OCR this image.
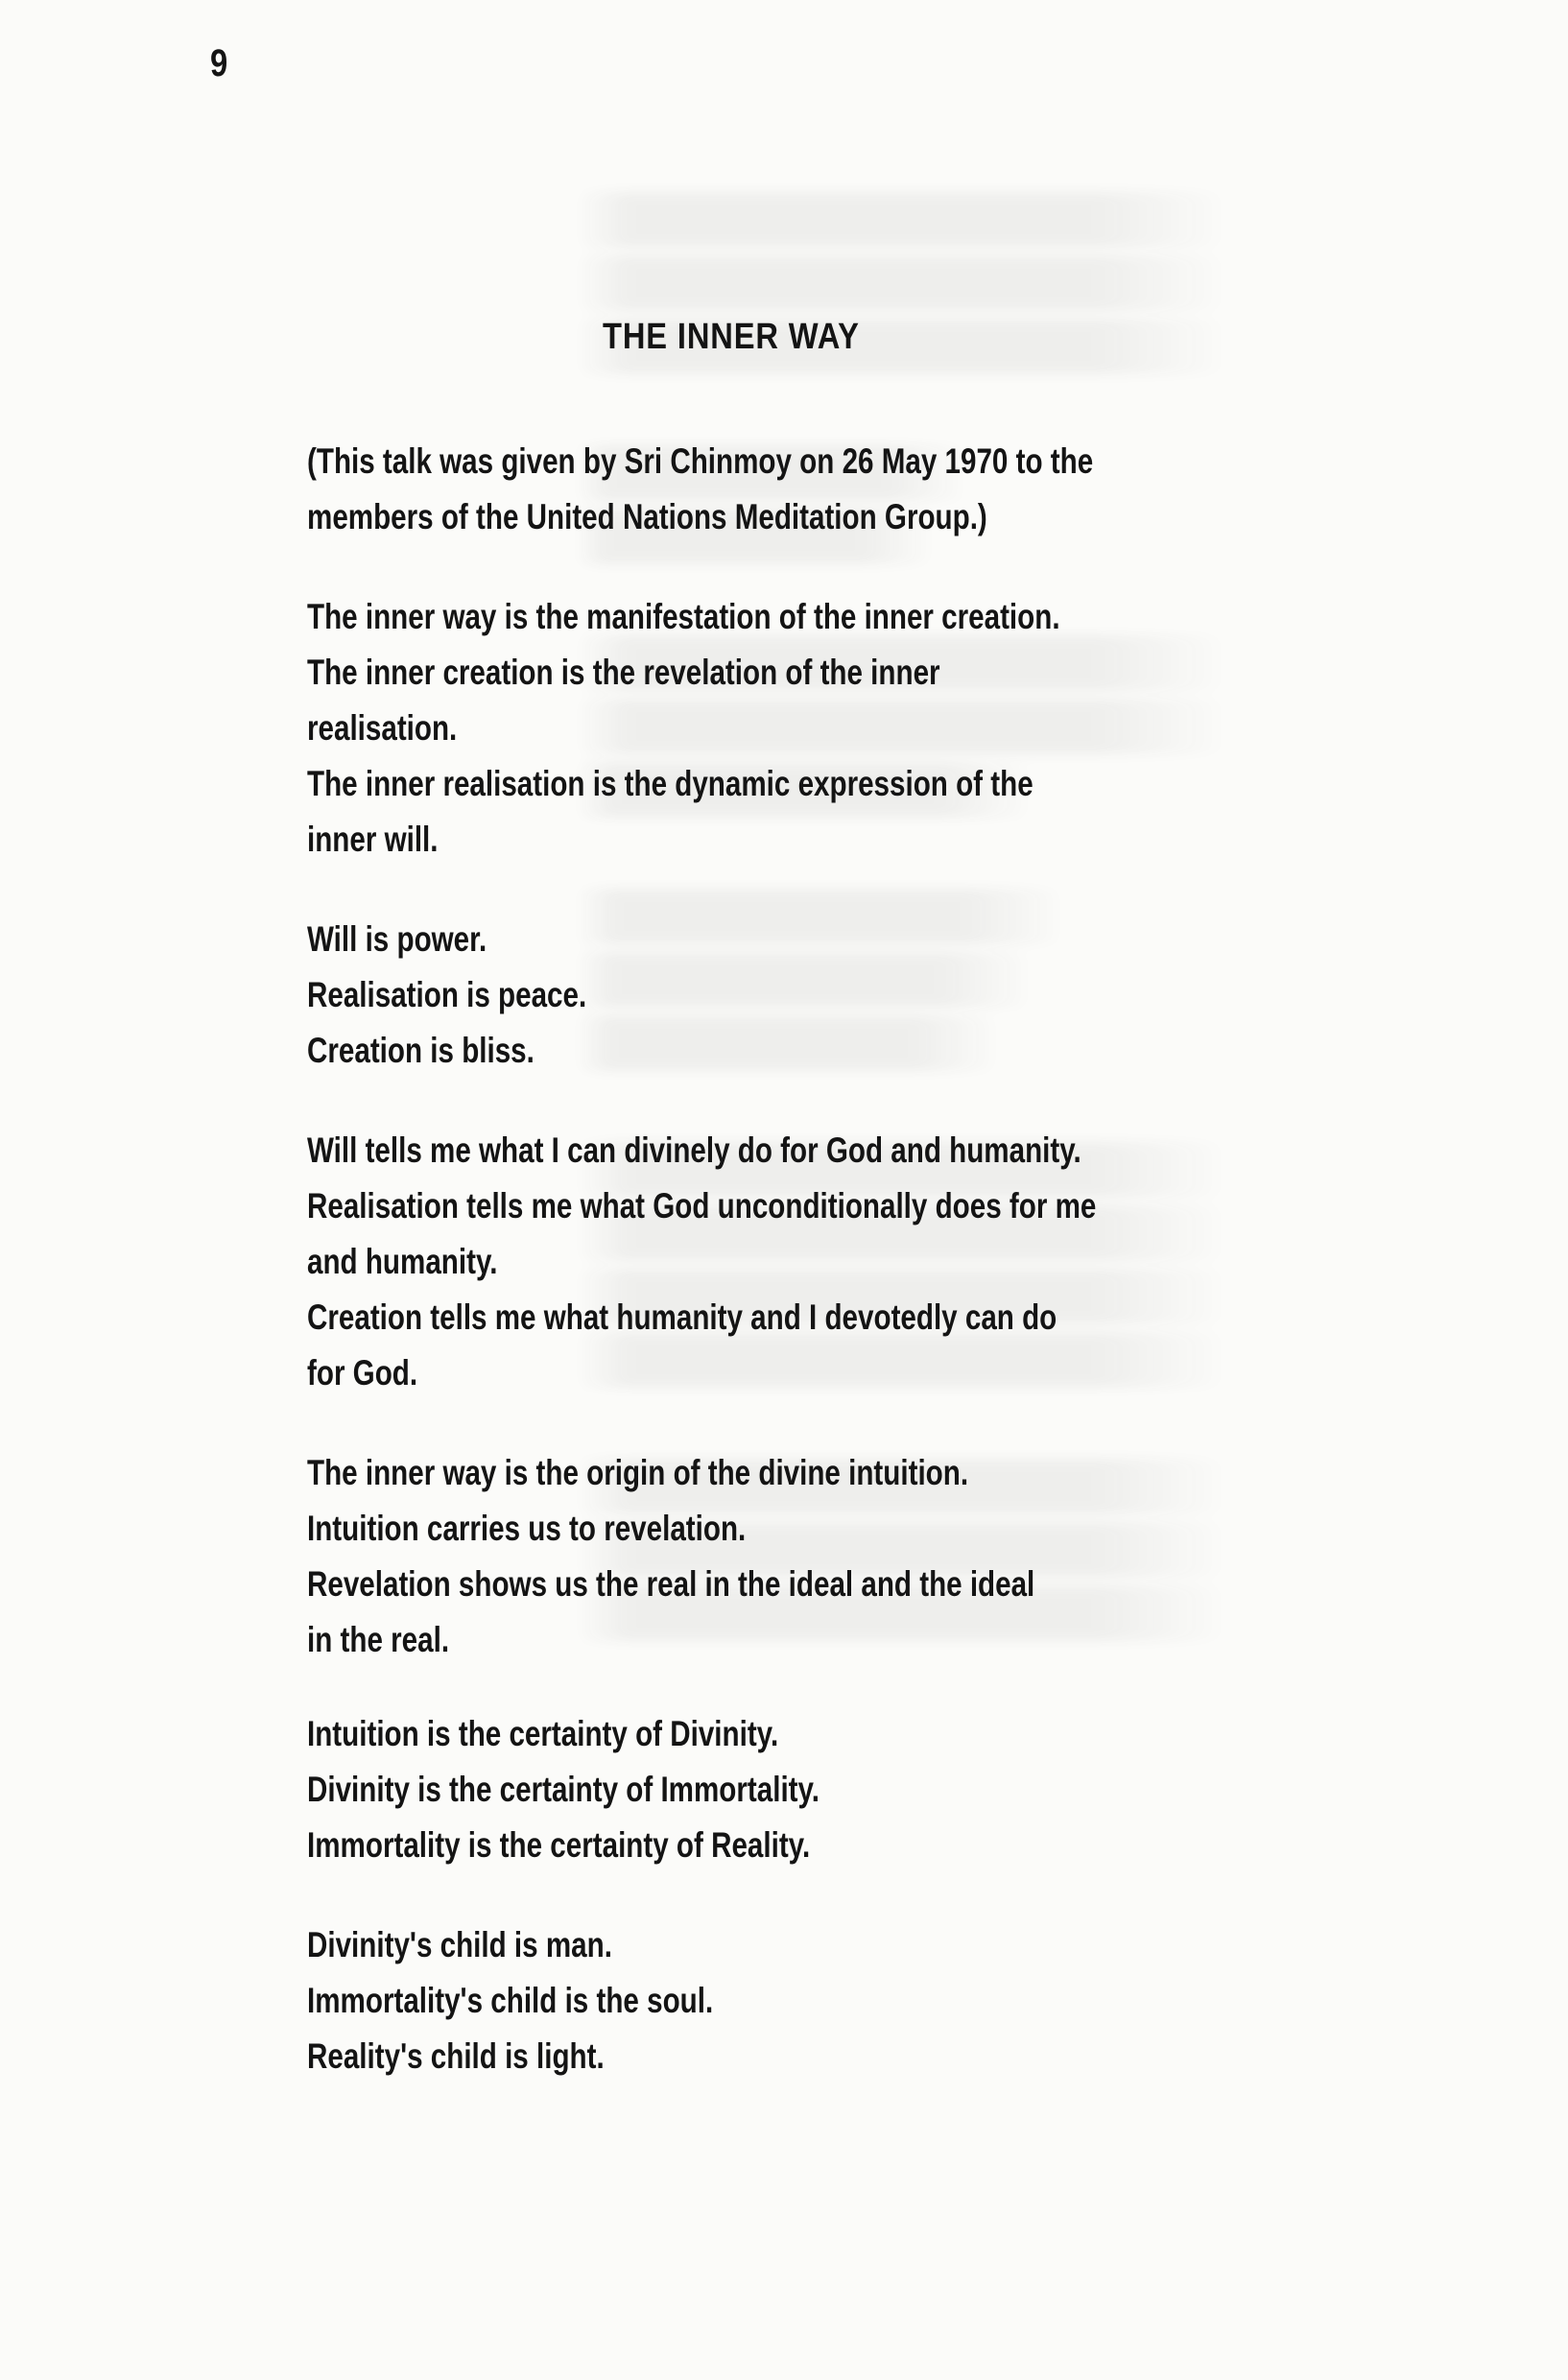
9
THE INNER WAY
(This talk was given by Sri Chinmoy on 26 May 1970 to the
members of the United Nations Meditation Group.)
The inner way is the manifestation of the inner creation.
The inner creation is the revelation of the inner
realisation.
The inner realisation is the dynamic expression of the
inner will.
Will is power.
Realisation is peace.
Creation is bliss.
Will tells me what I can divinely do for God and humanity.
Realisation tells me what God unconditionally does for me
and humanity.
Creation tells me what humanity and I devotedly can do
for God.
The inner way is the origin of the divine intuition.
Intuition carries us to revelation.
Revelation shows us the real in the ideal and the ideal
in the real.
Intuition is the certainty of Divinity.
Divinity is the certainty of Immortality.
Immortality is the certainty of Reality.
Divinity's child is man.
Immortality's child is the soul.
Reality's child is light.
